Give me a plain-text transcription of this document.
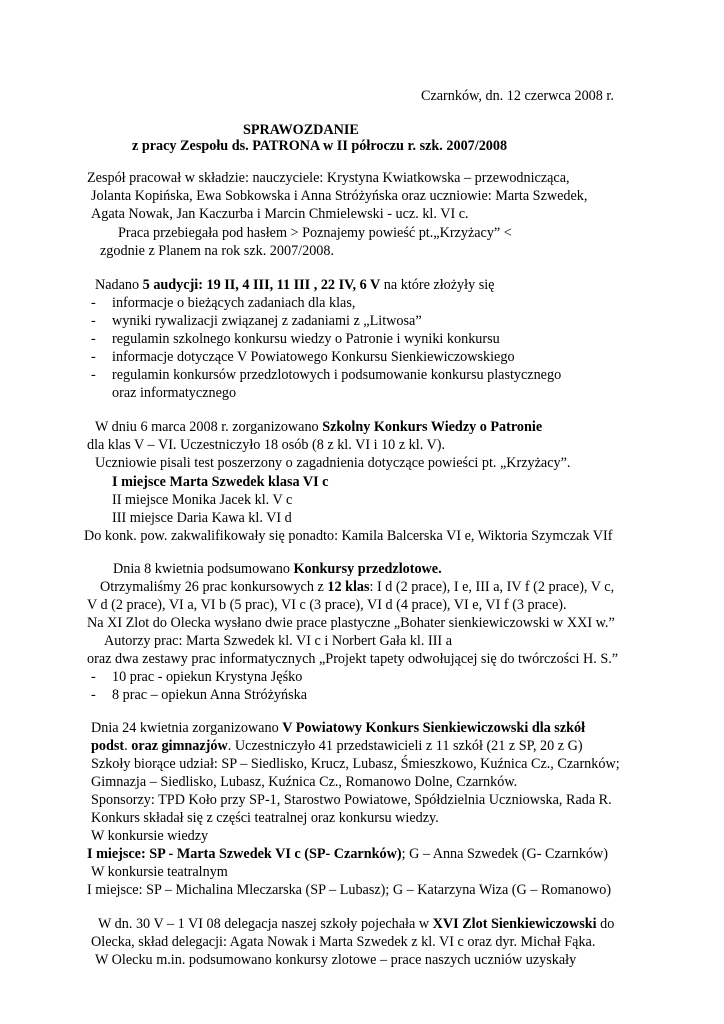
Czarnków, dn. 12 czerwca 2008 r.
SPRAWOZDANIE
z pracy Zespołu ds. PATRONA w II półroczu r. szk. 2007/2008
Zespół pracował w składzie: nauczyciele: Krystyna Kwiatkowska – przewodnicząca,
Jolanta Kopińska, Ewa Sobkowska i Anna Stróżyńska oraz uczniowie: Marta Szwedek,
Agata Nowak, Jan Kaczurba i Marcin Chmielewski - ucz. kl. VI c.
Praca przebiegała pod hasłem > Poznajemy powieść pt.„Krzyżacy” <
zgodnie z Planem na rok szk. 2007/2008.
Nadano 5 audycji: 19 II, 4 III, 11 III , 22 IV, 6 V na które złożyły się
- informacje o bieżących zadaniach dla klas,
- wyniki rywalizacji związanej z zadaniami z „Litwosa”
- regulamin szkolnego konkursu wiedzy o Patronie i wyniki konkursu
- informacje dotyczące V Powiatowego Konkursu Sienkiewiczowskiego
- regulamin konkursów przedzlotowych i podsumowanie konkursu plastycznego
oraz informatycznego
W dniu 6 marca 2008 r. zorganizowano Szkolny Konkurs Wiedzy o Patronie
dla klas V – VI. Uczestniczyło 18 osób (8 z kl. VI i 10 z kl. V).
Uczniowie pisali test poszerzony o zagadnienia dotyczące powieści pt. „Krzyżacy”.
I miejsce Marta Szwedek klasa VI c
II miejsce Monika Jacek kl. V c
III miejsce Daria Kawa kl. VI d
Do konk. pow. zakwalifikowały się ponadto: Kamila Balcerska VI e, Wiktoria Szymczak VIf
Dnia 8 kwietnia podsumowano Konkursy przedzlotowe.
Otrzymaliśmy 26 prac konkursowych z 12 klas: I d (2 prace), I e, III a, IV f (2 prace), V c,
V d (2 prace), VI a, VI b (5 prac), VI c (3 prace), VI d (4 prace), VI e, VI f (3 prace).
Na XI Zlot do Olecka wysłano dwie prace plastyczne „Bohater sienkiewiczowski w XXI w.”
Autorzy prac: Marta Szwedek kl. VI c i Norbert Gała kl. III a
oraz dwa zestawy prac informatycznych „Projekt tapety odwołującej się do twórczości H. S.”
- 10 prac - opiekun Krystyna Jęśko
- 8 prac – opiekun Anna Stróżyńska
Dnia 24 kwietnia zorganizowano V Powiatowy Konkurs Sienkiewiczowski dla szkół
podst. oraz gimnazjów. Uczestniczyło 41 przedstawicieli z 11 szkół (21 z SP, 20 z G)
Szkoły biorące udział: SP – Siedlisko, Krucz, Lubasz, Śmieszkowo, Kuźnica Cz., Czarnków;
Gimnazja – Siedlisko, Lubasz, Kuźnica Cz., Romanowo Dolne, Czarnków.
Sponsorzy: TPD Koło przy SP-1, Starostwo Powiatowe, Spółdzielnia Uczniowska, Rada R.
Konkurs składał się z części teatralnej oraz konkursu wiedzy.
W konkursie wiedzy
I miejsce: SP - Marta Szwedek VI c (SP- Czarnków); G – Anna Szwedek (G- Czarnków)
W konkursie teatralnym
I miejsce: SP – Michalina Mleczarska (SP – Lubasz); G – Katarzyna Wiza (G – Romanowo)
W dn. 30 V – 1 VI 08 delegacja naszej szkoły pojechała w XVI Zlot Sienkiewiczowski do
Olecka, skład delegacji: Agata Nowak i Marta Szwedek z kl. VI c oraz dyr. Michał Fąka.
W Olecku m.in. podsumowano konkursy zlotowe – prace naszych uczniów uzyskały
